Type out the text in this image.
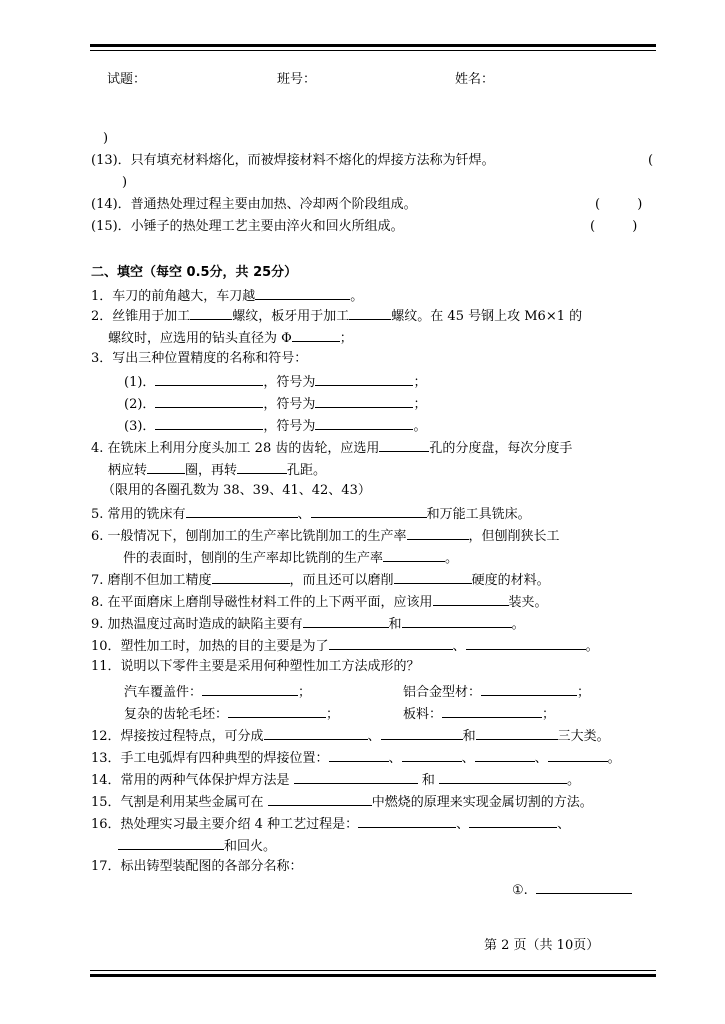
试题：	班号：	姓名：
)
(13)．只有填充材料熔化，而被焊接材料不熔化的焊接方法称为钎焊。	(
)
(14)．普通热处理过程主要由加热、冷却两个阶段组成。	(         )
(15)．小锤子的热处理工艺主要由淬火和回火所组成。	(         )
二、填空（每空 0.5分，共 25分）
1．车刀的前角越大，车刀越	。
2．丝锥用于加工	螺纹，板牙用于加工	螺纹。在 45 号钢上攻 M6×1 的
螺纹时，应选用的钻头直径为 Φ	；
3．写出三种位置精度的名称和符号：
(1)．	，符号为	；
(2)．	，符号为	；
(3)．	，符号为	。
4. 在铣床上利用分度头加工 28 齿的齿轮，应选用	孔的分度盘，每次分度手
柄应转	圈，再转	孔距。
（限用的各圈孔数为 38、39、41、42、43）
5. 常用的铣床有	、	和万能工具铣床。
6. 一般情况下，刨削加工的生产率比铣削加工的生产率	，但刨削狭长工
件的表面时，刨削的生产率却比铣削的生产率	。
7. 磨削不但加工精度	，而且还可以磨削	硬度的材料。
8. 在平面磨床上磨削导磁性材料工件的上下两平面，应该用	装夹。
9. 加热温度过高时造成的缺陷主要有	和	。
10．塑性加工时，加热的目的主要是为了	、	。
11．说明以下零件主要是采用何种塑性加工方法成形的？
汽车覆盖件：	；	铝合金型材：	；
复杂的齿轮毛坯：	；	板料：	；
12．焊接按过程特点，可分成	、	和	三大类。
13．手工电弧焊有四种典型的焊接位置：	、	、	、	。
14．常用的两种气体保护焊方法是	和	。
15．气割是利用某些金属可在	中燃烧的原理来实现金属切割的方法。
16．热处理实习最主要介绍 4 种工艺过程是：	、	、
和回火。
17．标出铸型装配图的各部分名称：
①.
第 2 页（共 10页）
